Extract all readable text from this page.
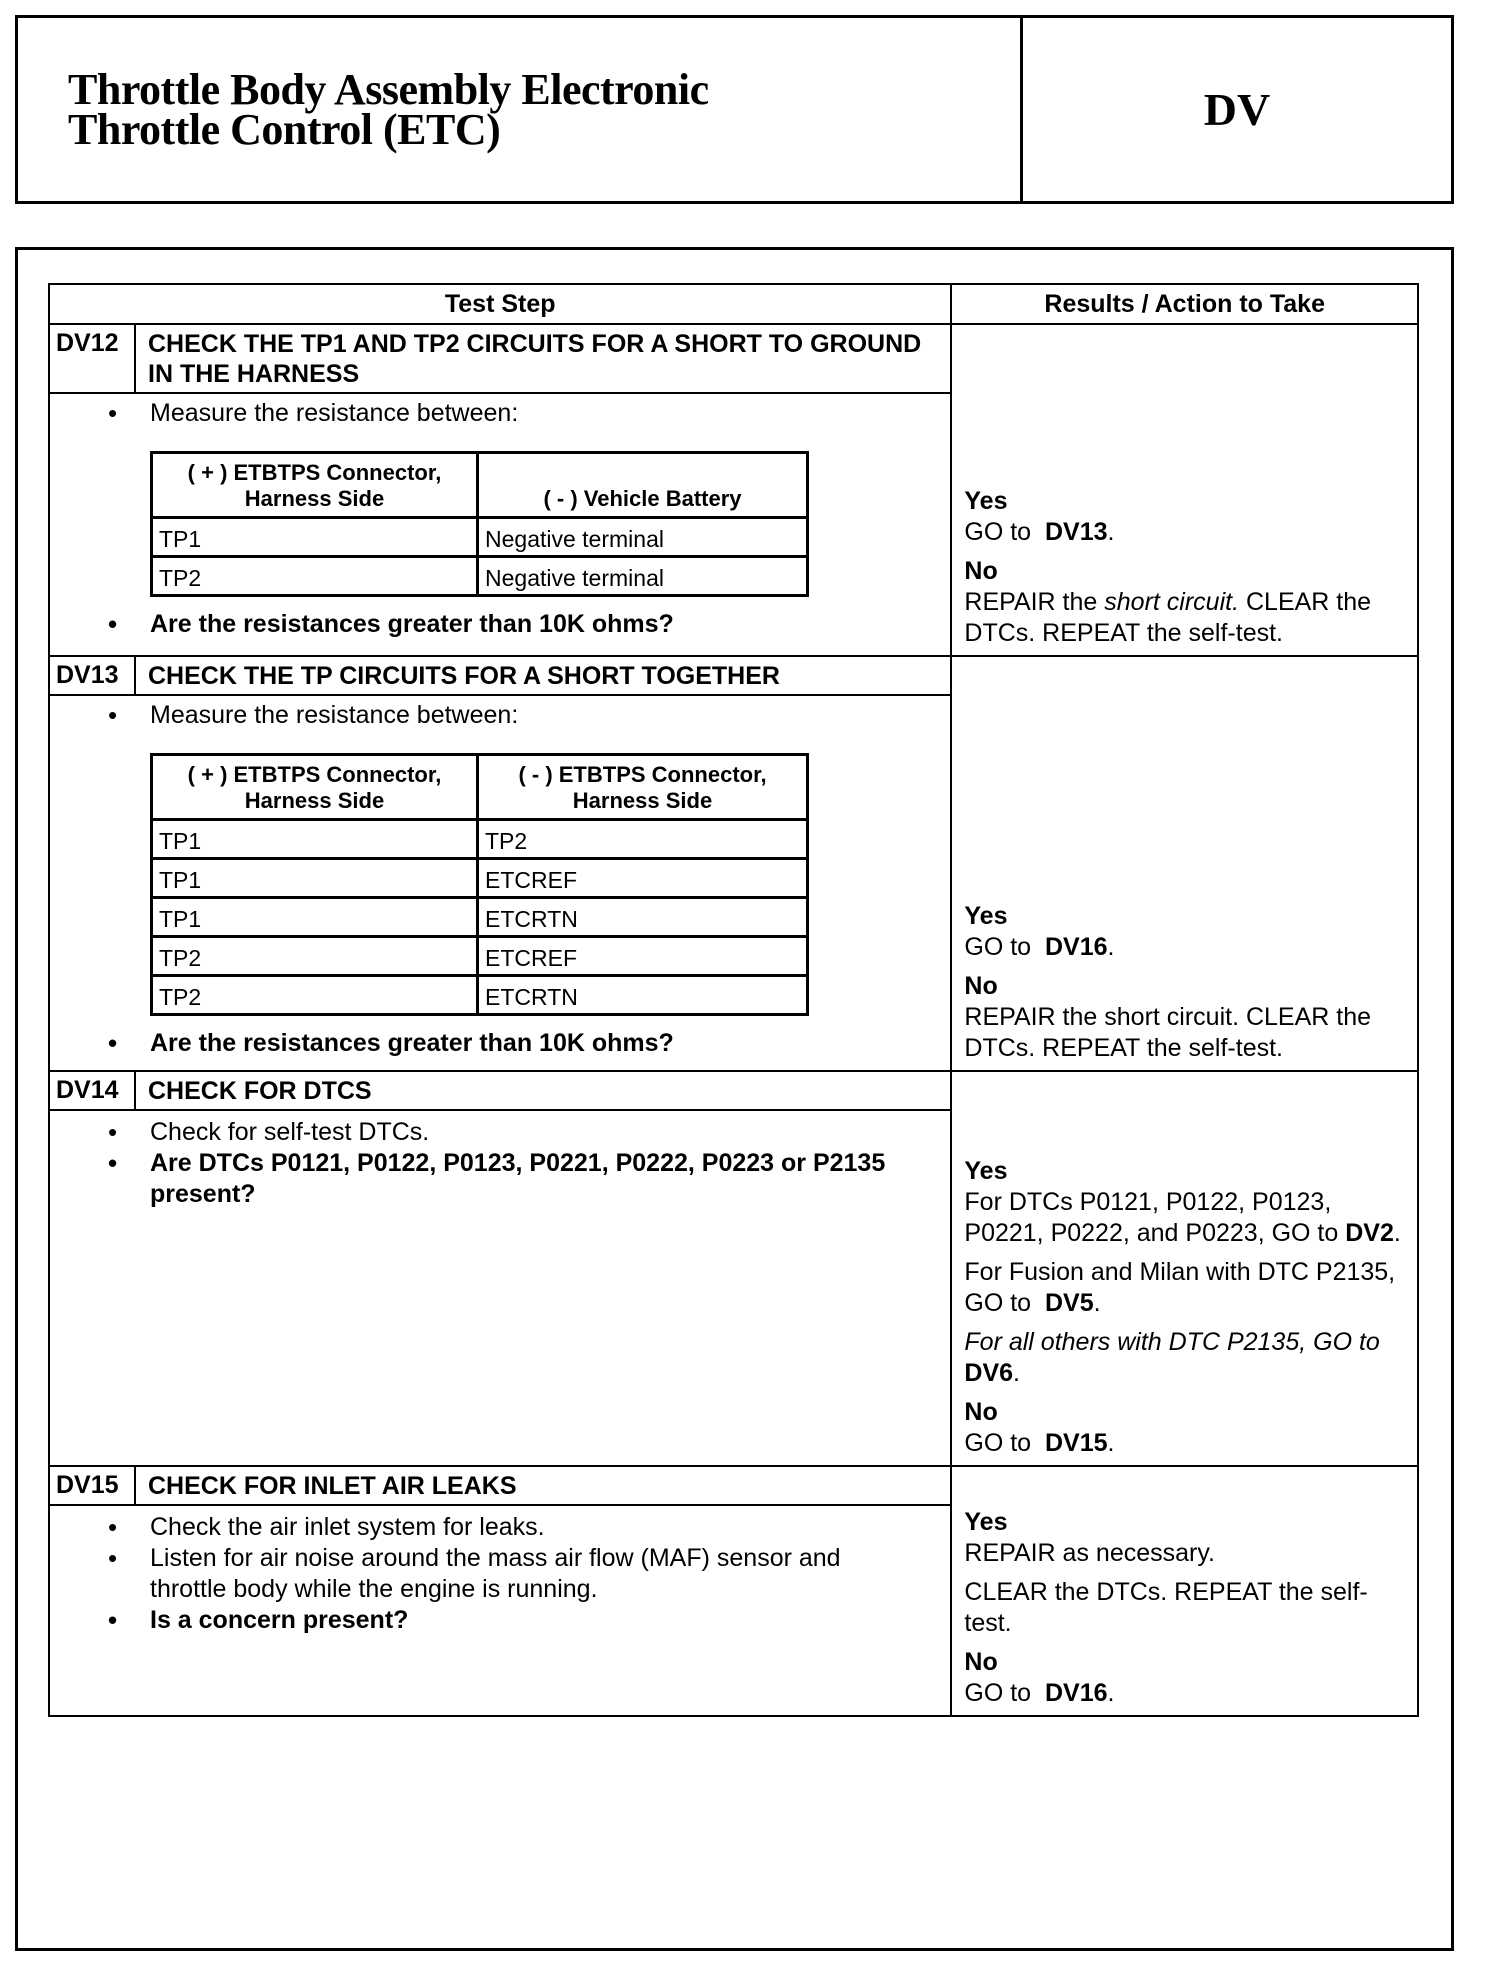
Throttle Body Assembly Electronic
Throttle Control (ETC)	DV
Test Step	Results / Action to Take

DV12	CHECK THE TP1 AND TP2 CIRCUITS FOR A SHORT TO GROUND IN THE HARNESS

• Measure the resistance between:
( + ) ETBTPS Connector, Harness Side	( - ) Vehicle Battery
TP1	Negative terminal
TP2	Negative terminal
• Are the resistances greater than 10K ohms?

Yes
GO to DV13.
No
REPAIR the short circuit. CLEAR the DTCs. REPEAT the self-test.

DV13	CHECK THE TP CIRCUITS FOR A SHORT TOGETHER

• Measure the resistance between:
( + ) ETBTPS Connector, Harness Side	( - ) ETBTPS Connector, Harness Side
TP1	TP2
TP1	ETCREF
TP1	ETCRTN
TP2	ETCREF
TP2	ETCRTN
• Are the resistances greater than 10K ohms?

Yes
GO to DV16.
No
REPAIR the short circuit. CLEAR the DTCs. REPEAT the self-test.

DV14	CHECK FOR DTCS

• Check for self-test DTCs.
• Are DTCs P0121, P0122, P0123, P0221, P0222, P0223 or P2135 present?

Yes
For DTCs P0121, P0122, P0123, P0221, P0222, and P0223, GO to DV2.
For Fusion and Milan with DTC P2135, GO to DV5.
For all others with DTC P2135, GO to  DV6.
No
GO to DV15.

DV15	CHECK FOR INLET AIR LEAKS

• Check the air inlet system for leaks.
• Listen for air noise around the mass air flow (MAF) sensor and throttle body while the engine is running.
• Is a concern present?

Yes
REPAIR as necessary.
CLEAR the DTCs. REPEAT the self-test.
No
GO to DV16.
